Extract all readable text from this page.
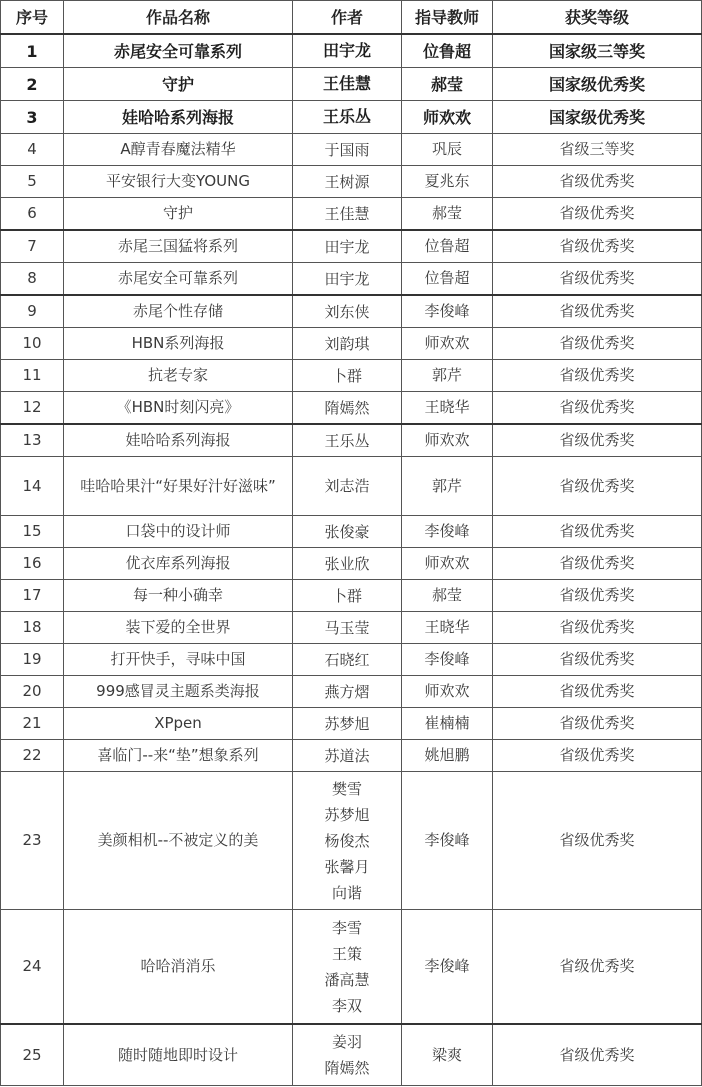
序号	作品名称	作者	指导教师	获奖等级
1	赤尾安全可靠系列	田宇龙	位鲁超	国家级三等奖
2	守护	王佳慧	郝莹	国家级优秀奖
3	娃哈哈系列海报	王乐丛	师欢欢	国家级优秀奖
4	A醇青春魔法精华	于国雨	巩辰	省级三等奖
5	平安银行大变YOUNG	王树源	夏兆东	省级优秀奖
6	守护	王佳慧	郝莹	省级优秀奖
7	赤尾三国猛将系列	田宇龙	位鲁超	省级优秀奖
8	赤尾安全可靠系列	田宇龙	位鲁超	省级优秀奖
9	赤尾个性存储	刘东侠	李俊峰	省级优秀奖
10	HBN系列海报	刘韵琪	师欢欢	省级优秀奖
11	抗老专家	卜群	郭芹	省级优秀奖
12	《HBN时刻闪亮》	隋嫣然	王晓华	省级优秀奖
13	娃哈哈系列海报	王乐丛	师欢欢	省级优秀奖
14	哇哈哈果汁“好果好汁好滋味”	刘志浩	郭芹	省级优秀奖
15	口袋中的设计师	张俊豪	李俊峰	省级优秀奖
16	优衣库系列海报	张业欣	师欢欢	省级优秀奖
17	每一种小确幸	卜群	郝莹	省级优秀奖
18	装下爱的全世界	马玉莹	王晓华	省级优秀奖
19	打开快手，寻味中国	石晓红	李俊峰	省级优秀奖
20	999感冒灵主题系类海报	燕方熠	师欢欢	省级优秀奖
21	XPpen	苏梦旭	崔楠楠	省级优秀奖
22	喜临门--来“垫”想象系列	苏道法	姚旭鹏	省级优秀奖
23	美颜相机--不被定义的美	樊雪
苏梦旭
杨俊杰
张馨月
向谐	李俊峰	省级优秀奖
24	哈哈消消乐	李雪
王策
潘高慧
李双	李俊峰	省级优秀奖
25	随时随地即时设计	姜羽
隋嫣然	梁爽	省级优秀奖
